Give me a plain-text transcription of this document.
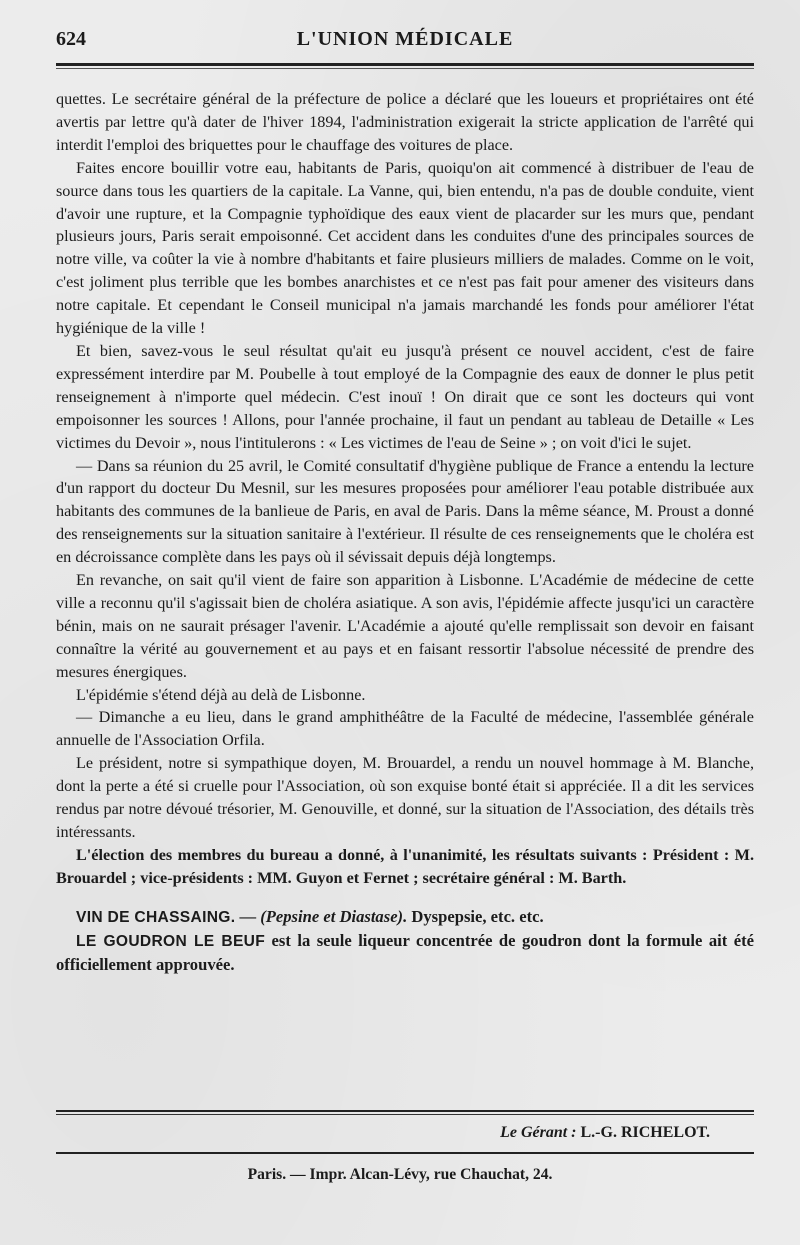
624	L'UNION MÉDICALE

quettes. Le secrétaire général de la préfecture de police a déclaré que les loueurs et propriétaires ont été avertis par lettre qu'à dater de l'hiver 1894, l'administration exigerait la stricte application de l'arrêté qui interdit l'emploi des briquettes pour le chauffage des voitures de place.

Faites encore bouillir votre eau, habitants de Paris, quoiqu'on ait commencé à distribuer de l'eau de source dans tous les quartiers de la capitale. La Vanne, qui, bien entendu, n'a pas de double conduite, vient d'avoir une rupture, et la Compagnie typhoïdique des eaux vient de placarder sur les murs que, pendant plusieurs jours, Paris serait empoisonné. Cet accident dans les conduites d'une des principales sources de notre ville, va coûter la vie à nombre d'habitants et faire plusieurs milliers de malades. Comme on le voit, c'est joliment plus terrible que les bombes anarchistes et ce n'est pas fait pour amener des visiteurs dans notre capitale. Et cependant le Conseil municipal n'a jamais marchandé les fonds pour améliorer l'état hygiénique de la ville !

Et bien, savez-vous le seul résultat qu'ait eu jusqu'à présent ce nouvel accident, c'est de faire expressément interdire par M. Poubelle à tout employé de la Compagnie des eaux de donner le plus petit renseignement à n'importe quel médecin. C'est inouï ! On dirait que ce sont les docteurs qui vont empoisonner les sources ! Allons, pour l'année prochaine, il faut un pendant au tableau de Detaille « Les victimes du Devoir », nous l'intitulerons : « Les victimes de l'eau de Seine » ; on voit d'ici le sujet.

— Dans sa réunion du 25 avril, le Comité consultatif d'hygiène publique de France a entendu la lecture d'un rapport du docteur Du Mesnil, sur les mesures proposées pour améliorer l'eau potable distribuée aux habitants des communes de la banlieue de Paris, en aval de Paris. Dans la même séance, M. Proust a donné des renseignements sur la situation sanitaire à l'extérieur. Il résulte de ces renseignements que le choléra est en décroissance complète dans les pays où il sévissait depuis déjà longtemps.

En revanche, on sait qu'il vient de faire son apparition à Lisbonne. L'Académie de médecine de cette ville a reconnu qu'il s'agissait bien de choléra asiatique. A son avis, l'épidémie affecte jusqu'ici un caractère bénin, mais on ne saurait présager l'avenir. L'Académie a ajouté qu'elle remplissait son devoir en faisant connaître la vérité au gouvernement et au pays et en faisant ressortir l'absolue nécessité de prendre des mesures énergiques.

L'épidémie s'étend déjà au delà de Lisbonne.

— Dimanche a eu lieu, dans le grand amphithéâtre de la Faculté de médecine, l'assemblée générale annuelle de l'Association Orfila.

Le président, notre si sympathique doyen, M. Brouardel, a rendu un nouvel hommage à M. Blanche, dont la perte a été si cruelle pour l'Association, où son exquise bonté était si appréciée. Il a dit les services rendus par notre dévoué trésorier, M. Genouville, et donné, sur la situation de l'Association, des détails très intéressants.

L'élection des membres du bureau a donné, à l'unanimité, les résultats suivants : Président : M. Brouardel ; vice-présidents : MM. Guyon et Fernet ; secrétaire général : M. Barth.

VIN DE CHASSAING. — (Pepsine et Diastase). Dyspepsie, etc. etc.

LE GOUDRON LE BEUF est la seule liqueur concentrée de goudron dont la formule ait été officiellement approuvée.

Le Gérant : L.-G. RICHELOT.
Paris. — Impr. Alcan-Lévy, rue Chauchat, 24.
